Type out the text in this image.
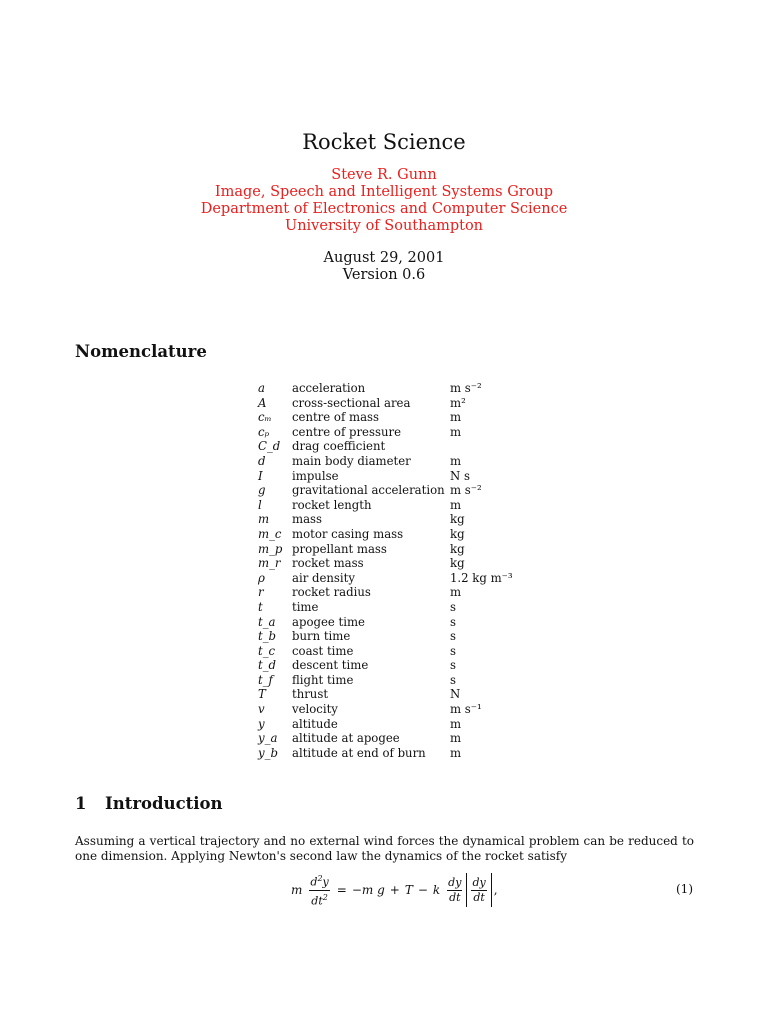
Rocket Science
Steve R. Gunn
Image, Speech and Intelligent Systems Group
Department of Electronics and Computer Science
University of Southampton
August 29, 2001
Version 0.6
Nomenclature
a	acceleration	m s⁻²
A	cross-sectional area	m²
cₘ	centre of mass	m
cₚ	centre of pressure	m
C_d	drag coefficient	
d	main body diameter	m
I	impulse	N s
g	gravitational acceleration	m s⁻²
l	rocket length	m
m	mass	kg
m_c	motor casing mass	kg
m_p	propellant mass	kg
m_r	rocket mass	kg
ρ	air density	1.2 kg m⁻³
r	rocket radius	m
t	time	s
t_a	apogee time	s
t_b	burn time	s
t_c	coast time	s
t_d	descent time	s
t_f	flight time	s
T	thrust	N
v	velocity	m s⁻¹
y	altitude	m
y_a	altitude at apogee	m
y_b	altitude at end of burn	m
1 Introduction

Assuming a vertical trajectory and no external wind forces the dynamical problem can be reduced to one dimension. Applying Newton's second law the dynamics of the rocket satisfy

m $\frac{d^2y}{dt^2}$ = − m g + T − k $\frac{dy}{dt} \frac{dy}{dt}$ ,	(1)
